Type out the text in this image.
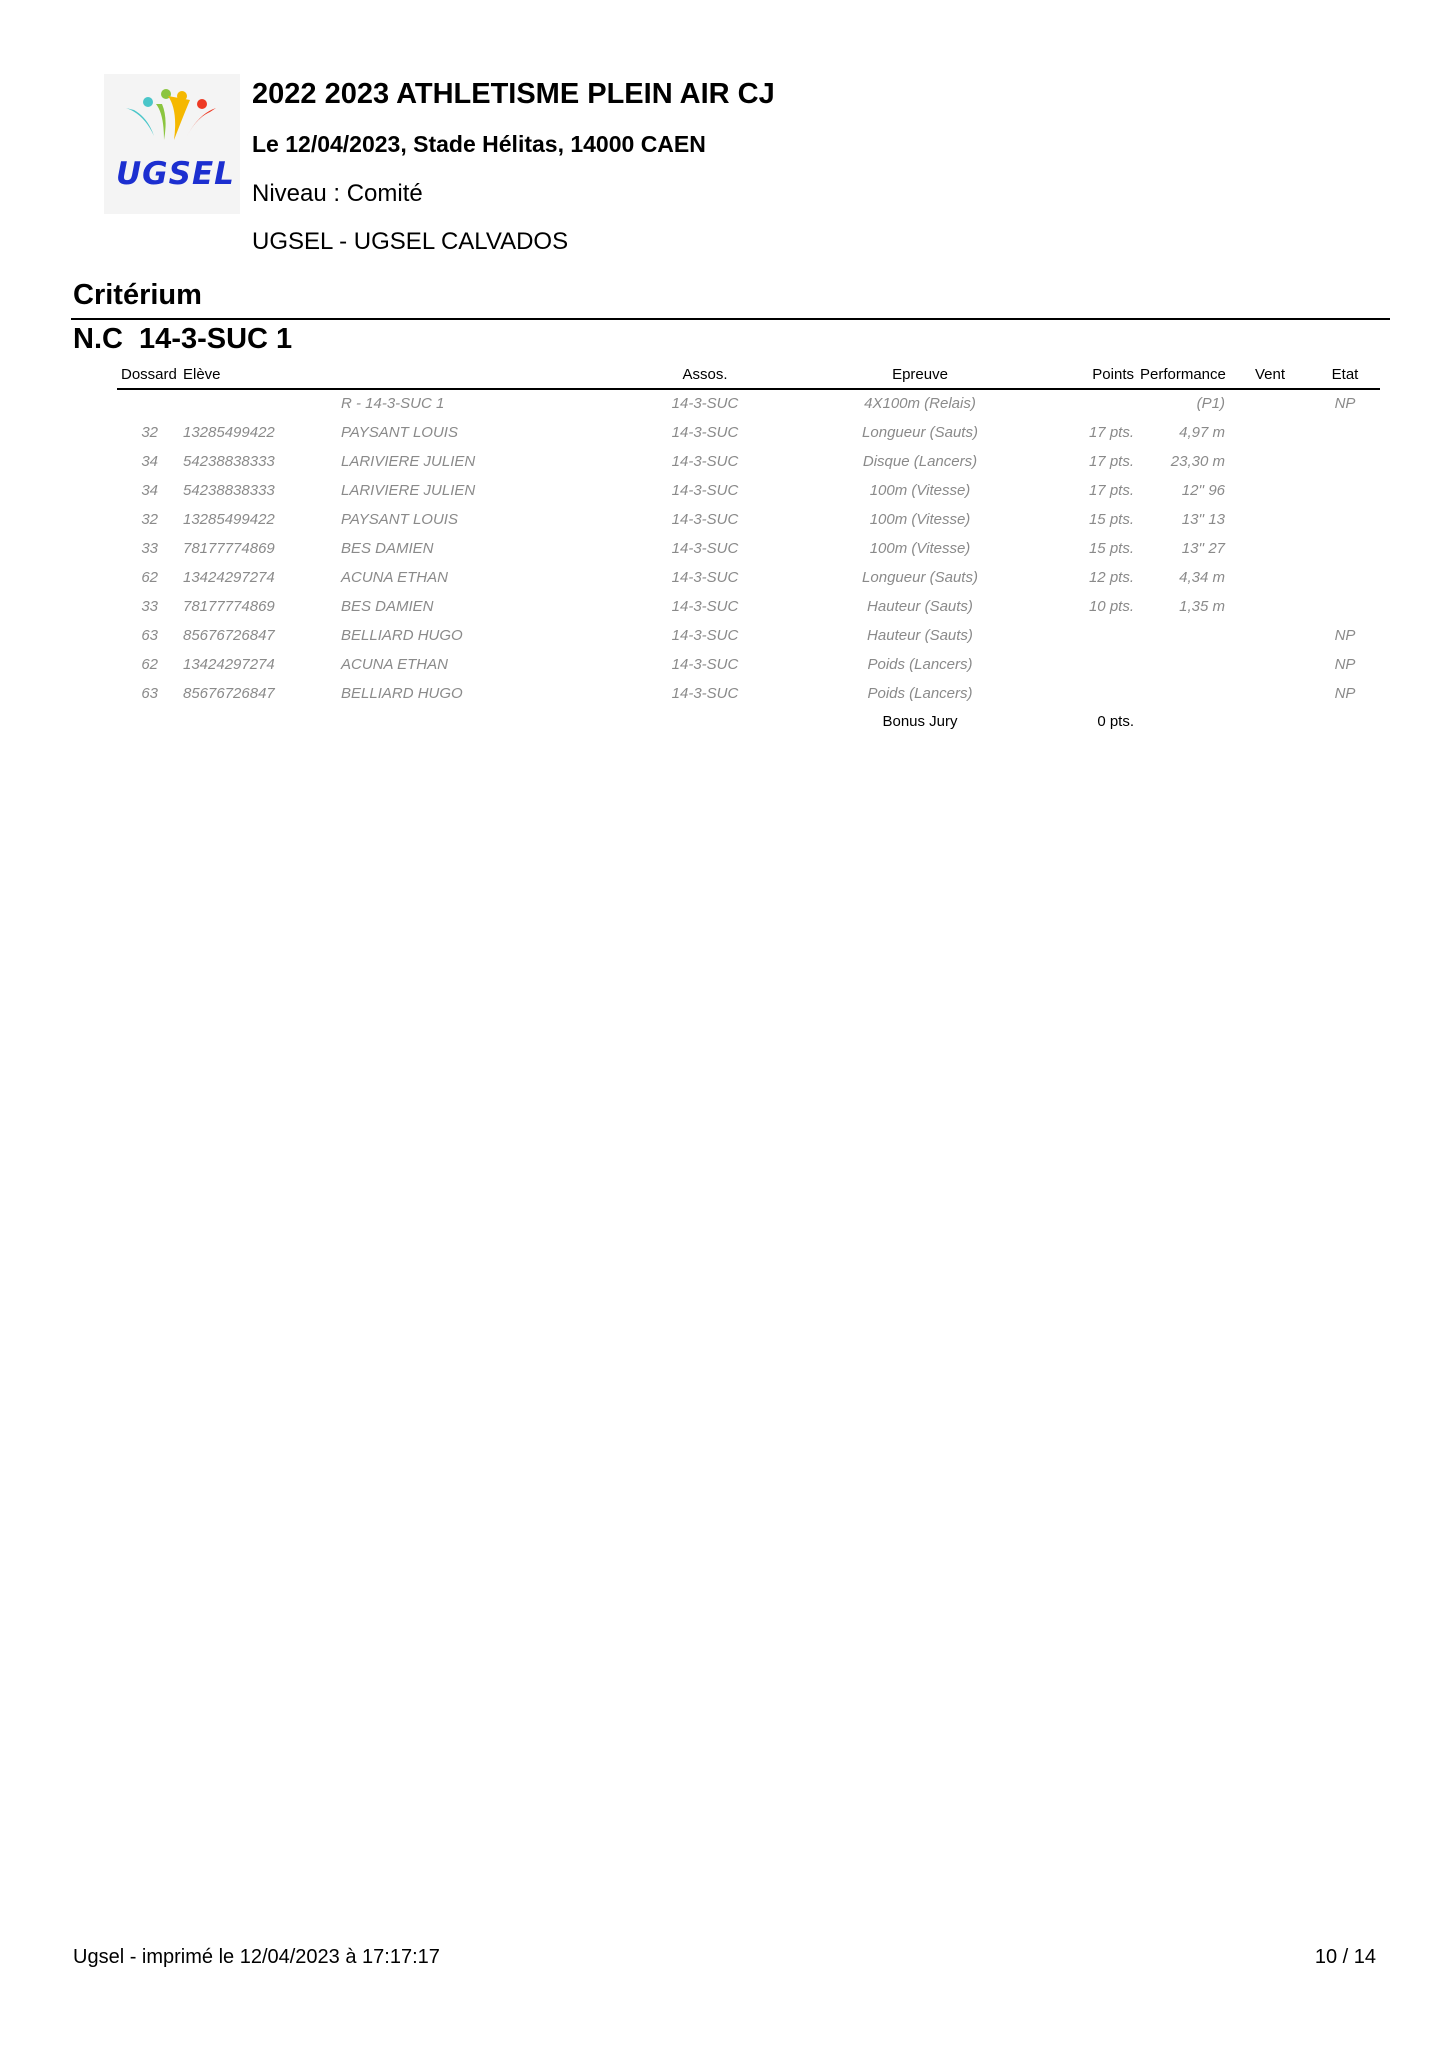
UGSEL
2022 2023 ATHLETISME PLEIN AIR CJ
Le 12/04/2023, Stade Hélitas, 14000 CAEN
Niveau : Comité
UGSEL - UGSEL CALVADOS
Critérium
N.C  14-3-SUC 1
Dossard Elève	Assos.	Epreuve	Points Performance	Vent	Etat
R - 14-3-SUC 1	14-3-SUC	4X100m (Relais)	(P1)	NP
32 13285499422	PAYSANT LOUIS	14-3-SUC	Longueur (Sauts)	17 pts.	4,97 m
34 54238838333	LARIVIERE JULIEN	14-3-SUC	Disque (Lancers)	17 pts.	23,30 m
34 54238838333	LARIVIERE JULIEN	14-3-SUC	100m (Vitesse)	17 pts.	12'' 96
32 13285499422	PAYSANT LOUIS	14-3-SUC	100m (Vitesse)	15 pts.	13'' 13
33 78177774869	BES DAMIEN	14-3-SUC	100m (Vitesse)	15 pts.	13'' 27
62 13424297274	ACUNA ETHAN	14-3-SUC	Longueur (Sauts)	12 pts.	4,34 m
33 78177774869	BES DAMIEN	14-3-SUC	Hauteur (Sauts)	10 pts.	1,35 m
63 85676726847	BELLIARD HUGO	14-3-SUC	Hauteur (Sauts)	NP
62 13424297274	ACUNA ETHAN	14-3-SUC	Poids (Lancers)	NP
63 85676726847	BELLIARD HUGO	14-3-SUC	Poids (Lancers)	NP
Bonus Jury	0 pts.
Ugsel - imprimé le 12/04/2023 à 17:17:17	10 / 14
